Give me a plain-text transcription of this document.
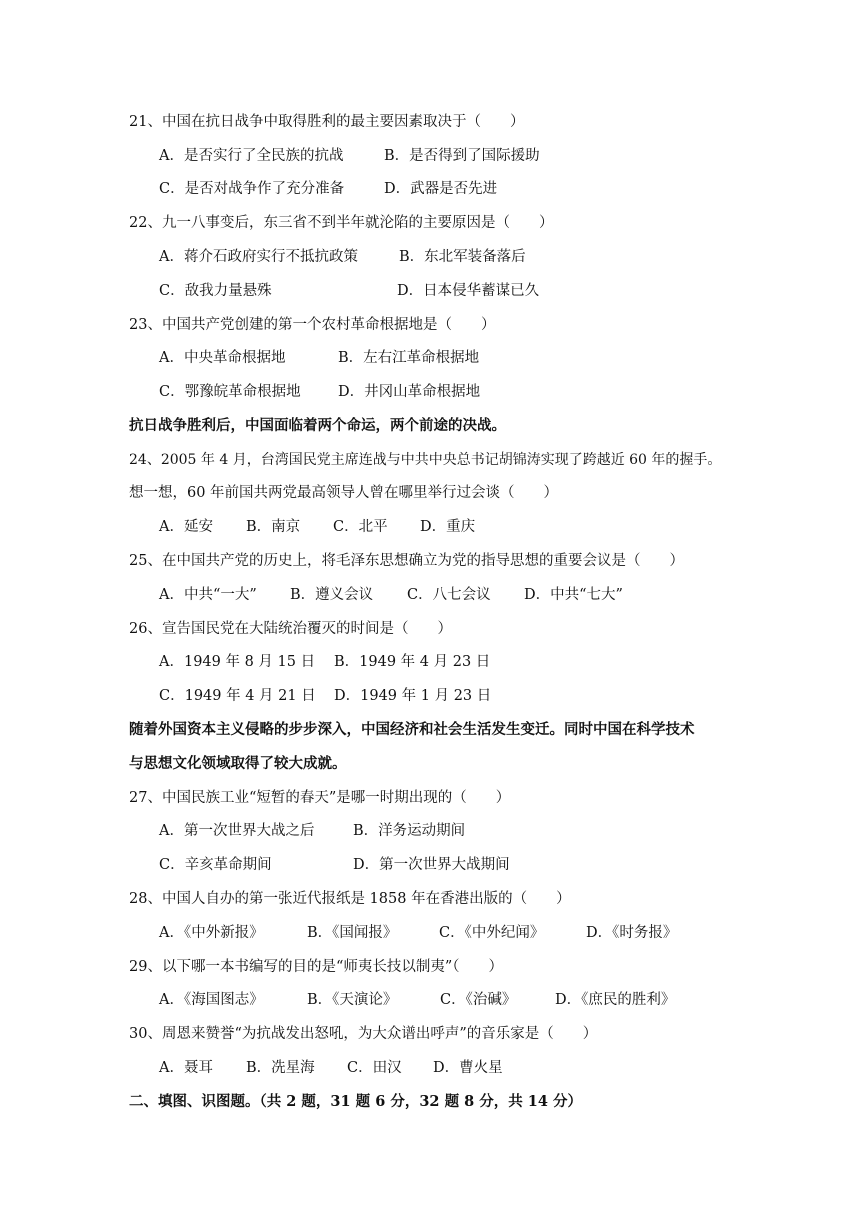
21、中国在抗日战争中取得胜利的最主要因素取决于（　　）

A．是否实行了全民族的抗战

	B．是否得到了国际援助

C．是否对战争作了充分准备

	D．武器是否先进

22、九一八事变后，东三省不到半年就沦陷的主要原因是（　　）

A．蒋介石政府实行不抵抗政策

	B．东北军装备落后

C．敌我力量悬殊

	D．日本侵华蓄谋已久

23、中国共产党创建的第一个农村革命根据地是（　　）

A．中央革命根据地

	B．左右江革命根据地

C．鄂豫皖革命根据地

	D．井冈山革命根据地

抗日战争胜利后，中国面临着两个命运，两个前途的决战。
24、2005 年 4 月，台湾国民党主席连战与中共中央总书记胡锦涛实现了跨越近 60 年的握手。
想一想，60 年前国共两党最高领导人曾在哪里举行过会谈（　　）

A．延安

B．南京

C．北平

D．重庆

25、在中国共产党的历史上，将毛泽东思想确立为党的指导思想的重要会议是（　　）

A．中共“一大”

B．遵义会议

C．八七会议

D．中共“七大”

26、宣告国民党在大陆统治覆灭的时间是（　　）

A．1949 年 8 月 15 日

B．1949 年 4 月 23 日

C．1949 年 4 月 21 日

D．1949 年 1 月 23 日

随着外国资本主义侵略的步步深入，中国经济和社会生活发生变迁。同时中国在科学技术
与思想文化领域取得了较大成就。
27、中国民族工业“短暂的春天”是哪一时期出现的（　　）

A．第一次世界大战之后

	B．洋务运动期间

C．辛亥革命期间

	D．第一次世界大战期间

28、中国人自办的第一张近代报纸是 1858 年在香港出版的（　　）

A．《中外新报》

	B．《国闻报》

	C．《中外纪闻》

	D．《时务报》

29、以下哪一本书编写的目的是“师夷长技以制夷”（　　）

A．《海国图志》

	B．《天演论》

	C．《治碱》

	D．《庶民的胜利》

30、周恩来赞誉“为抗战发出怒吼，为大众谱出呼声”的音乐家是（　　）

A．聂耳

B．冼星海

C．田汉

D．曹火星

二、填图、识图题。（共 2 题，31 题 6 分，32 题 8 分，共 14 分）
